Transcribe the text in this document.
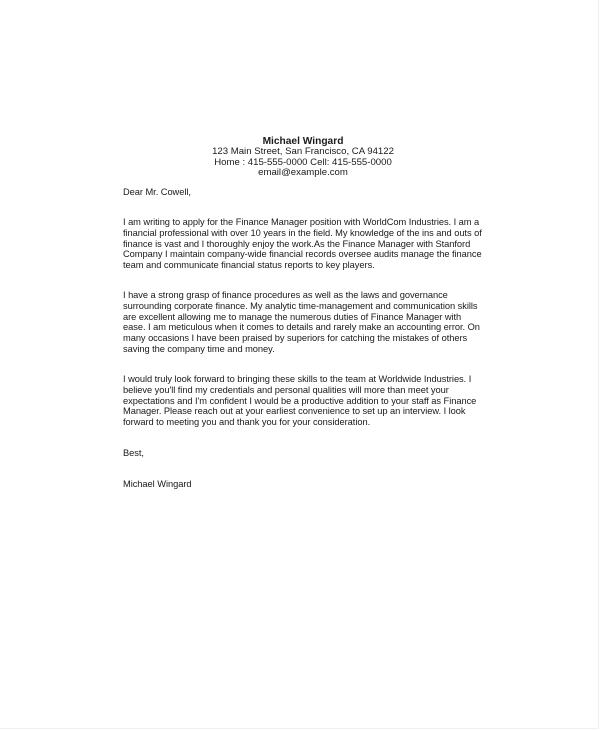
Michael Wingard
123 Main Street, San Francisco, CA 94122
Home : 415-555-0000 Cell: 415-555-0000
email@example.com
Dear Mr. Cowell,

I am writing to apply for the Finance Manager position with WorldCom Industries. I am a financial professional with over 10 years in the field. My knowledge of the ins and outs of finance is vast and I thoroughly enjoy the work.As the Finance Manager with Stanford Company I maintain company-wide financial records oversee audits manage the finance team and communicate financial status reports to key players.

I have a strong grasp of finance procedures as well as the laws and governance surrounding corporate finance. My analytic time-management and communication skills are excellent allowing me to manage the numerous duties of Finance Manager with ease. I am meticulous when it comes to details and rarely make an accounting error. On many occasions I have been praised by superiors for catching the mistakes of others saving the company time and money.

I would truly look forward to bringing these skills to the team at Worldwide Industries. I believe you'll find my credentials and personal qualities will more than meet your expectations and I'm confident I would be a productive addition to your staff as Finance Manager. Please reach out at your earliest convenience to set up an interview. I look forward to meeting you and thank you for your consideration.

Best,
Michael Wingard
